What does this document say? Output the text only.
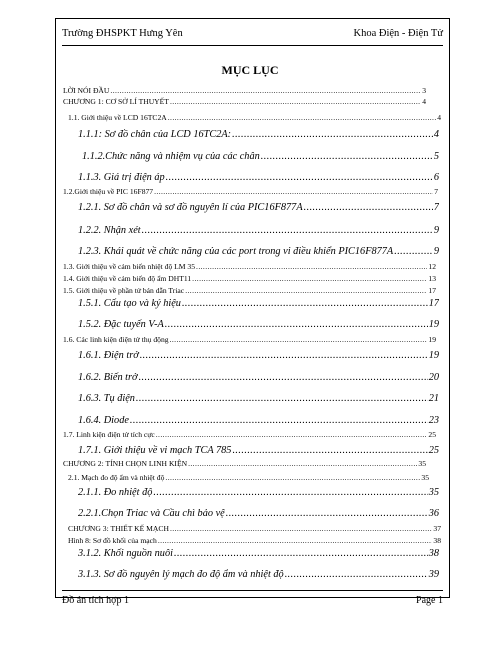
Trường ĐHSPKT Hưng Yên	Khoa Điện - Điện Tử
MỤC LỤC
LỜI NÓI ĐẦU .....	3
CHƯƠNG 1: CƠ SỞ LÍ THUYẾT .....	4
1.1. Giới thiệu về LCD 16TC2A .....	4
1.1.1: Sơ đồ chân của LCD 16TC2A: .....	4
1.1.2.Chức năng và nhiệm vụ của các chân .....	5
1.1.3. Giá trị điện áp .....	6
1.2.Giới thiệu về PIC 16F877 .....	7
1.2.1. Sơ đồ chân và sơ đồ nguyên lí của PIC16F877A .....	7
1.2.2. Nhận xét .....	9
1.2.3. Khái quát về chức năng của các port trong vi điều khiển PIC16F877A .....	9
1.3. Giới thiệu về cảm biến nhiệt độ LM 35 .....	12
1.4. Giới thiệu về cảm biến độ ẩm DHT11 .....	13
1.5. Giới thiệu về phần tử bán dẫn Triac .....	17
1.5.1. Cấu tạo và ký hiệu .....	17
1.5.2. Đặc tuyến V-A .....	19
1.6. Các linh kiện điện tử thụ động .....	19
1.6.1. Điện trở .....	19
1.6.2. Biến trở .....	20
1.6.3. Tụ điện .....	21
1.6.4. Diode .....	23
1.7. Linh kiện điện tử tích cực .....	25
1.7.1. Giới thiệu về vi mạch TCA 785 .....	25
CHƯƠNG 2: TÍNH CHỌN LINH KIỆN .....	35
2.1. Mạch đo độ ẩm và nhiệt độ .....	35
2.1.1. Đo nhiệt độ .....	35
2.2.1.Chọn Triac và Cầu chì bảo vệ .....	36
CHƯƠNG 3: THIẾT KẾ MẠCH .....	37
Hình 8: Sơ đồ khối của mạch .....	38
3.1.2. Khối nguồn nuôi .....	38
3.1.3. Sơ đồ nguyên lý mạch đo độ ẩm và nhiệt độ .....	39
Đồ án tích hợp 1	Page 1
